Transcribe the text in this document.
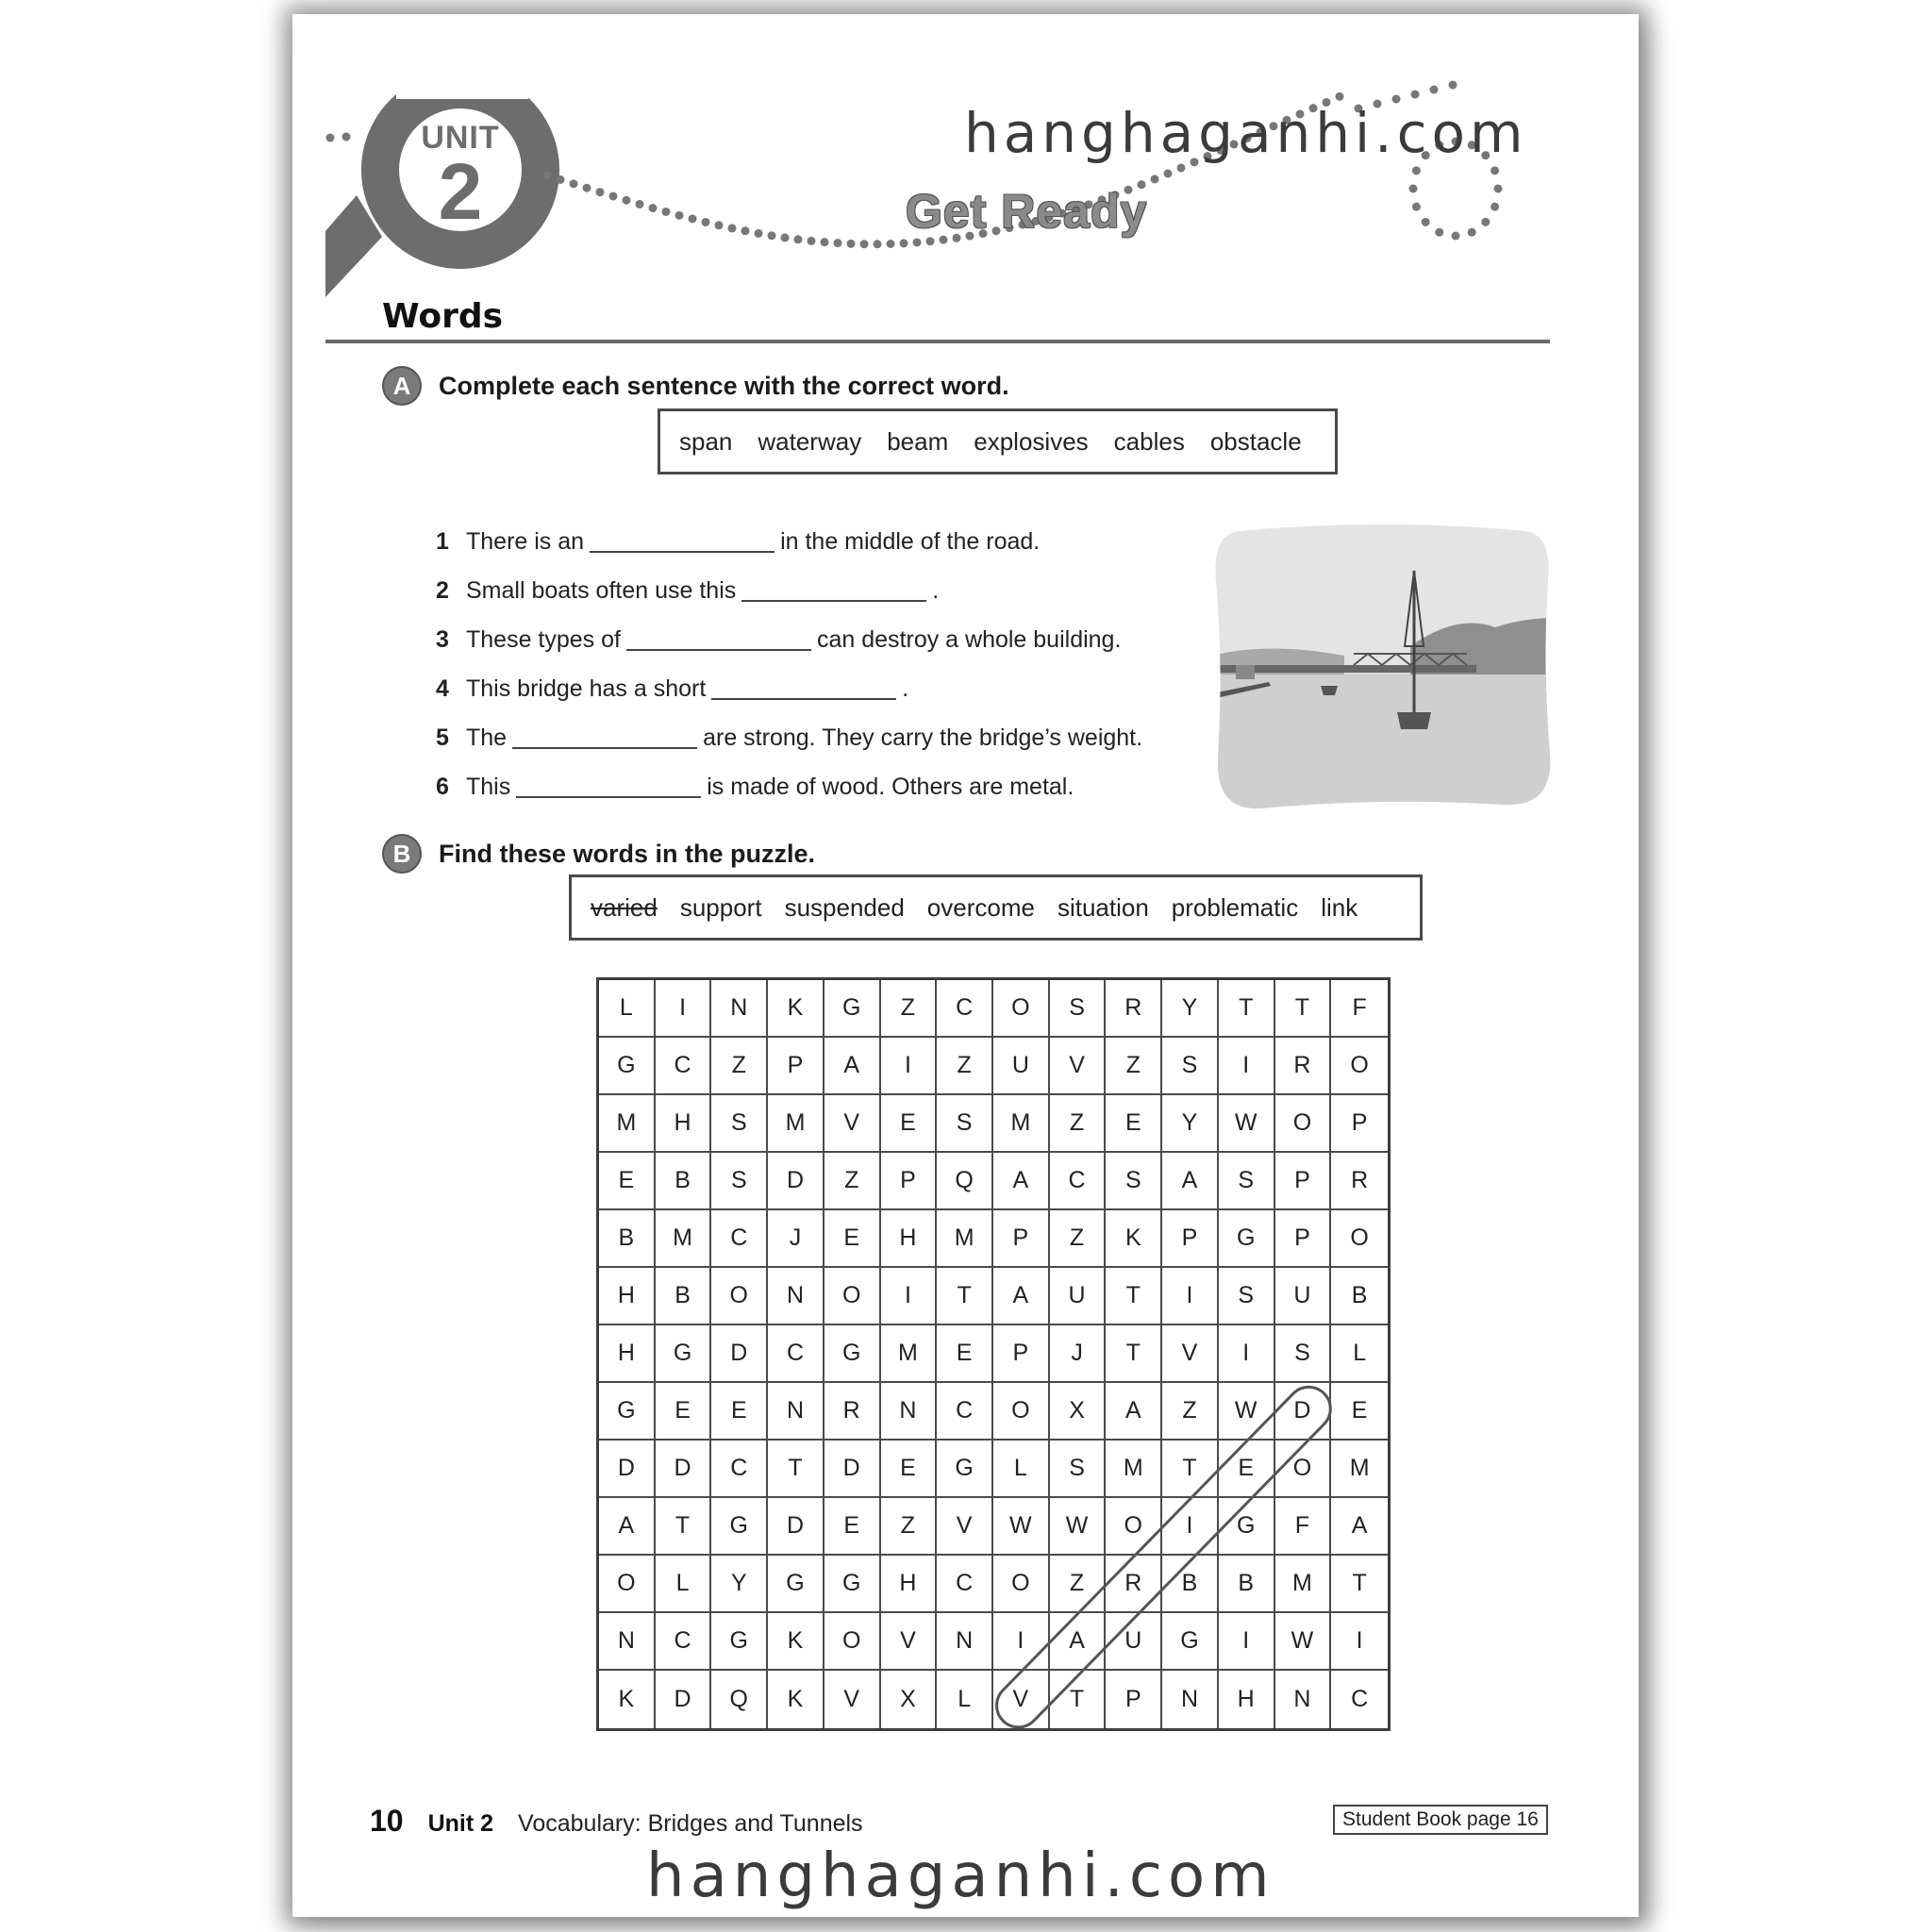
UNIT
2	Get Ready
hanghaganhi.com
Words
A	Complete each sentence with the correct word.
span waterway beam explosives cables obstacle
1 There is an	in the middle of the road.
2 Small boats often use this	.
3 These types of	can destroy a whole building.
4 This bridge has a short	.
5 The	are strong. They carry the bridge’s weight.
6 This	is made of wood. Others are metal.
B	Find these words in the puzzle.
varied support suspended overcome situation problematic link
L	I	N	K	G	Z	C	O	S	R	Y	T	T	F
G	C	Z	P	A	I	Z	U	V	Z	S	I	R	O
M	H	S	M	V	E	S	M	Z	E	Y	W	O	P
E	B	S	D	Z	P	Q	A	C	S	A	S	P	R
B	M	C	J	E	H	M	P	Z	K	P	G	P	O
H	B	O	N	O	I	T	A	U	T	I	S	U	B
H	G	D	C	G	M	E	P	J	T	V	I	S	L
G	E	E	N	R	N	C	O	X	A	Z	W	D	E
D	D	C	T	D	E	G	L	S	M	T	E	O	M
A	T	G	D	E	Z	V	W	W	O	I	G	F	A
O	L	Y	G	G	H	C	O	Z	R	B	B	M	T
N	C	G	K	O	V	N	I	A	U	G	I	W	I
K	D	Q	K	V	X	L	V	T	P	N	H	N	C
10 Unit 2 Vocabulary: Bridges and Tunnels	Student Book page 16
hanghaganhi.com
